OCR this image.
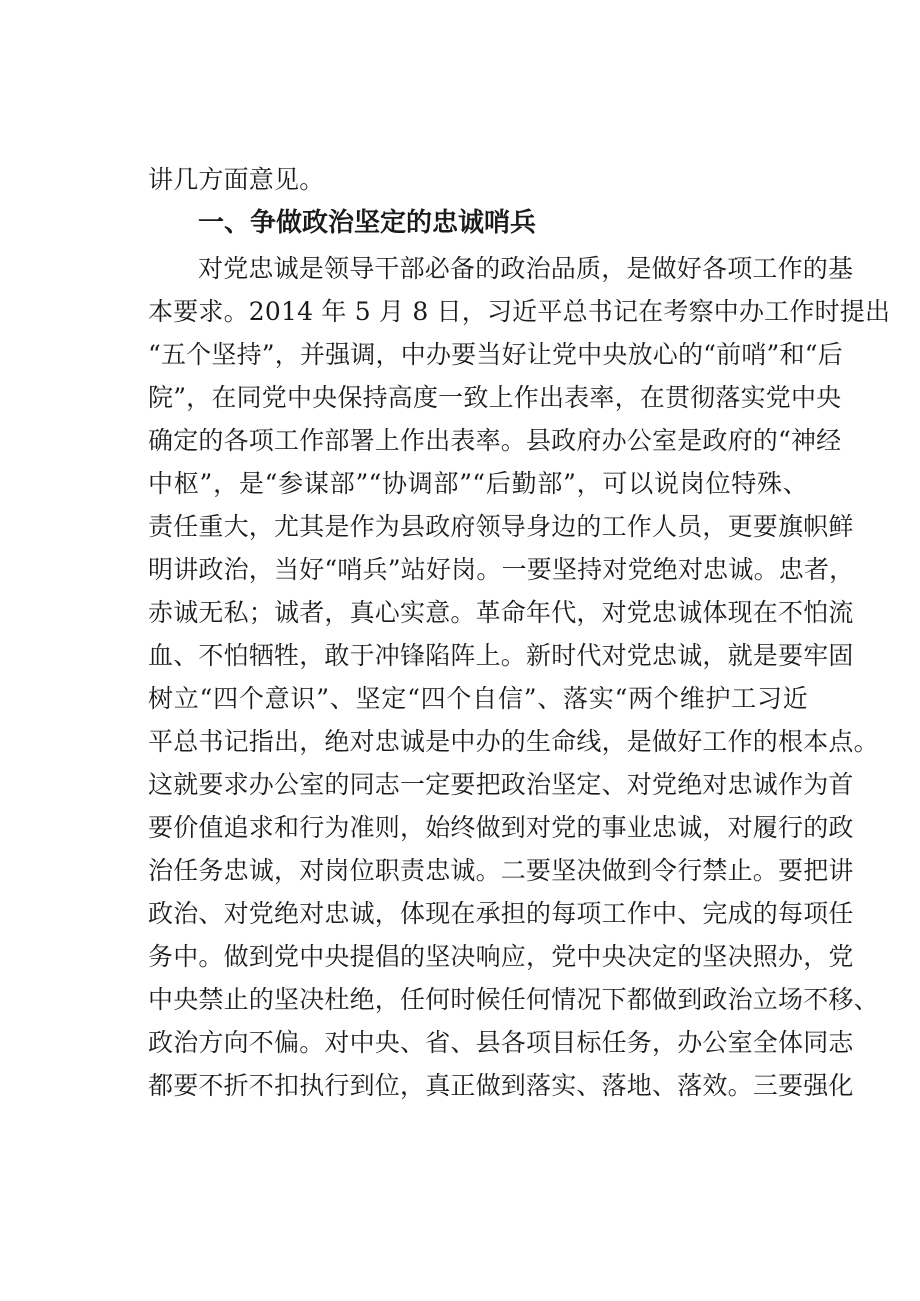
讲几方面意见。
一、争做政治坚定的忠诚哨兵
对党忠诚是领导干部必备的政治品质，是做好各项工作的基
本要求。2014 年 5 月 8 日，习近平总书记在考察中办工作时提出
“五个坚持”，并强调，中办要当好让党中央放心的“前哨”和“后
院”，在同党中央保持高度一致上作出表率，在贯彻落实党中央
确定的各项工作部署上作出表率。县政府办公室是政府的“神经
中枢”，是“参谋部”“协调部”“后勤部”，可以说岗位特殊、
责任重大，尤其是作为县政府领导身边的工作人员，更要旗帜鲜
明讲政治，当好“哨兵”站好岗。一要坚持对党绝对忠诚。忠者，
赤诚无私；诚者，真心实意。革命年代，对党忠诚体现在不怕流
血、不怕牺牲，敢于冲锋陷阵上。新时代对党忠诚，就是要牢固
树立“四个意识”、坚定“四个自信”、落实“两个维护工习近
平总书记指出，绝对忠诚是中办的生命线，是做好工作的根本点。
这就要求办公室的同志一定要把政治坚定、对党绝对忠诚作为首
要价值追求和行为准则，始终做到对党的事业忠诚，对履行的政
治任务忠诚，对岗位职责忠诚。二要坚决做到令行禁止。要把讲
政治、对党绝对忠诚，体现在承担的每项工作中、完成的每项任
务中。做到党中央提倡的坚决响应，党中央决定的坚决照办，党
中央禁止的坚决杜绝，任何时候任何情况下都做到政治立场不移、
政治方向不偏。对中央、省、县各项目标任务，办公室全体同志
都要不折不扣执行到位，真正做到落实、落地、落效。三要强化
